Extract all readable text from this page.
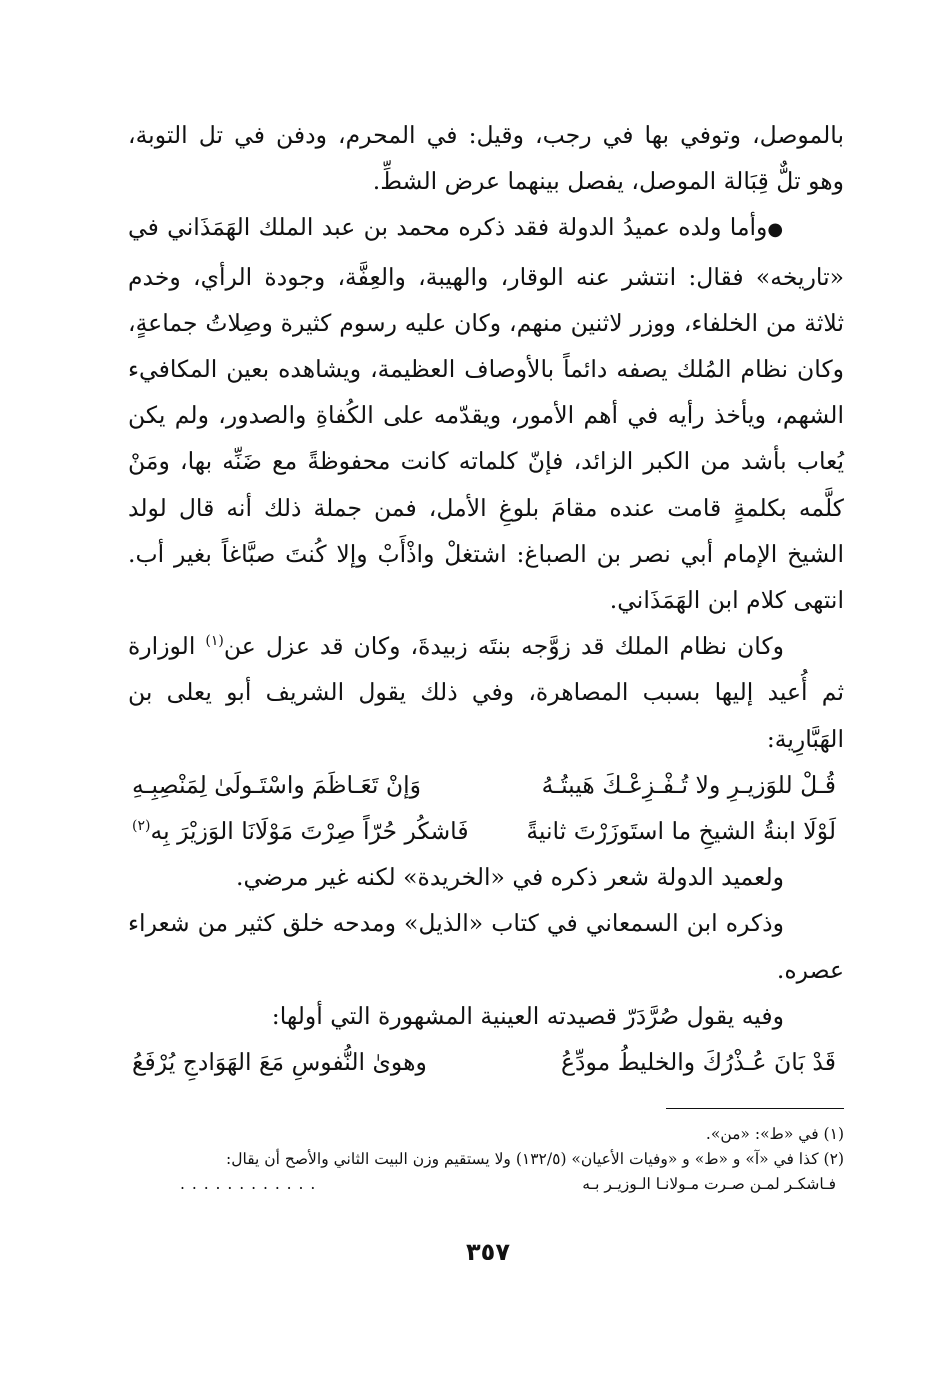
بالموصل، وتوفي بها في رجب، وقيل: في المحرم، ودفن في تل التوبة، وهو تلٌّ قِبَالة الموصل، يفصل بينهما عرض الشطِّ.

●وأما ولده عميدُ الدولة فقد ذكره محمد بن عبد الملك الهَمَذَاني في «تاريخه» فقال: انتشر عنه الوقار، والهيبة، والعِفَّة، وجودة الرأي، وخدم ثلاثة من الخلفاء، ووزر لاثنين منهم، وكان عليه رسوم كثيرة وصِلاتُ جماعةٍ، وكان نظام المُلك يصفه دائماً بالأوصاف العظيمة، ويشاهده بعين المكافيء الشهم، ويأخذ رأيه في أهم الأمور، ويقدّمه على الكُفاةِ والصدور، ولم يكن يُعاب بأشد من الكبر الزائد، فإنّ كلماته كانت محفوظةً مع ضَنِّه بها، ومَنْ كلَّمه بكلمةٍ قامت عنده مقامَ بلوغِ الأمل، فمن جملة ذلك أنه قال لولد الشيخ الإمام أبي نصر بن الصباغ: اشتغلْ واذْأَبْ وإلا كُنتَ صبَّاغاً بغير أب. انتهى كلام ابن الهَمَذَاني.

وكان نظام الملك قد زوَّجه بنتَه زبيدةَ، وكان قد عزل عن$^{(١)}$ الوزارة ثم أُعيد إليها بسبب المصاهرة، وفي ذلك يقول الشريف أبو يعلى بن الهَبَّارِية:

قُـلْ للوَزيـرِ ولا تُـفْـزِعْـكَ هَيبتُـهُ
وَإنْ تَعَـاظَمَ واسْتَـولَىٰ لِمَنْصِبِـهِ
لَوْلَا ابنةُ الشيخِ ما استَوزَرْتَ ثانيةً
فَاشكُر حُرّاً صِرْتَ مَوْلَانَا الوَزيْرَ بِه$^{(٢)}$

ولعميد الدولة شعر ذكره في «الخريدة» لكنه غير مرضي.

وذكره ابن السمعاني في كتاب «الذيل» ومدحه خلق كثير من شعراء عصره.

وفيه يقول صُرَّدَرّ قصيدته العينية المشهورة التي أولها:

قَدْ بَانَ عُـذْرُكَ والخليطُ مودِّعُ
وهوىٰ النُّفوسِ مَعَ الهَوَادجِ يُرْفَعُ

(١) في «ط»: «من».

(٢) كذا في «آ» و «ط» و «وفيات الأعيان» (١٣٢/٥) ولا يستقيم وزن البيت الثاني والأصح أن يقال:

فـاشكـر لمـن صـرت مـولانـا الـوزيـر بـه
. . . . . . . . . . . .
٣٥٧
